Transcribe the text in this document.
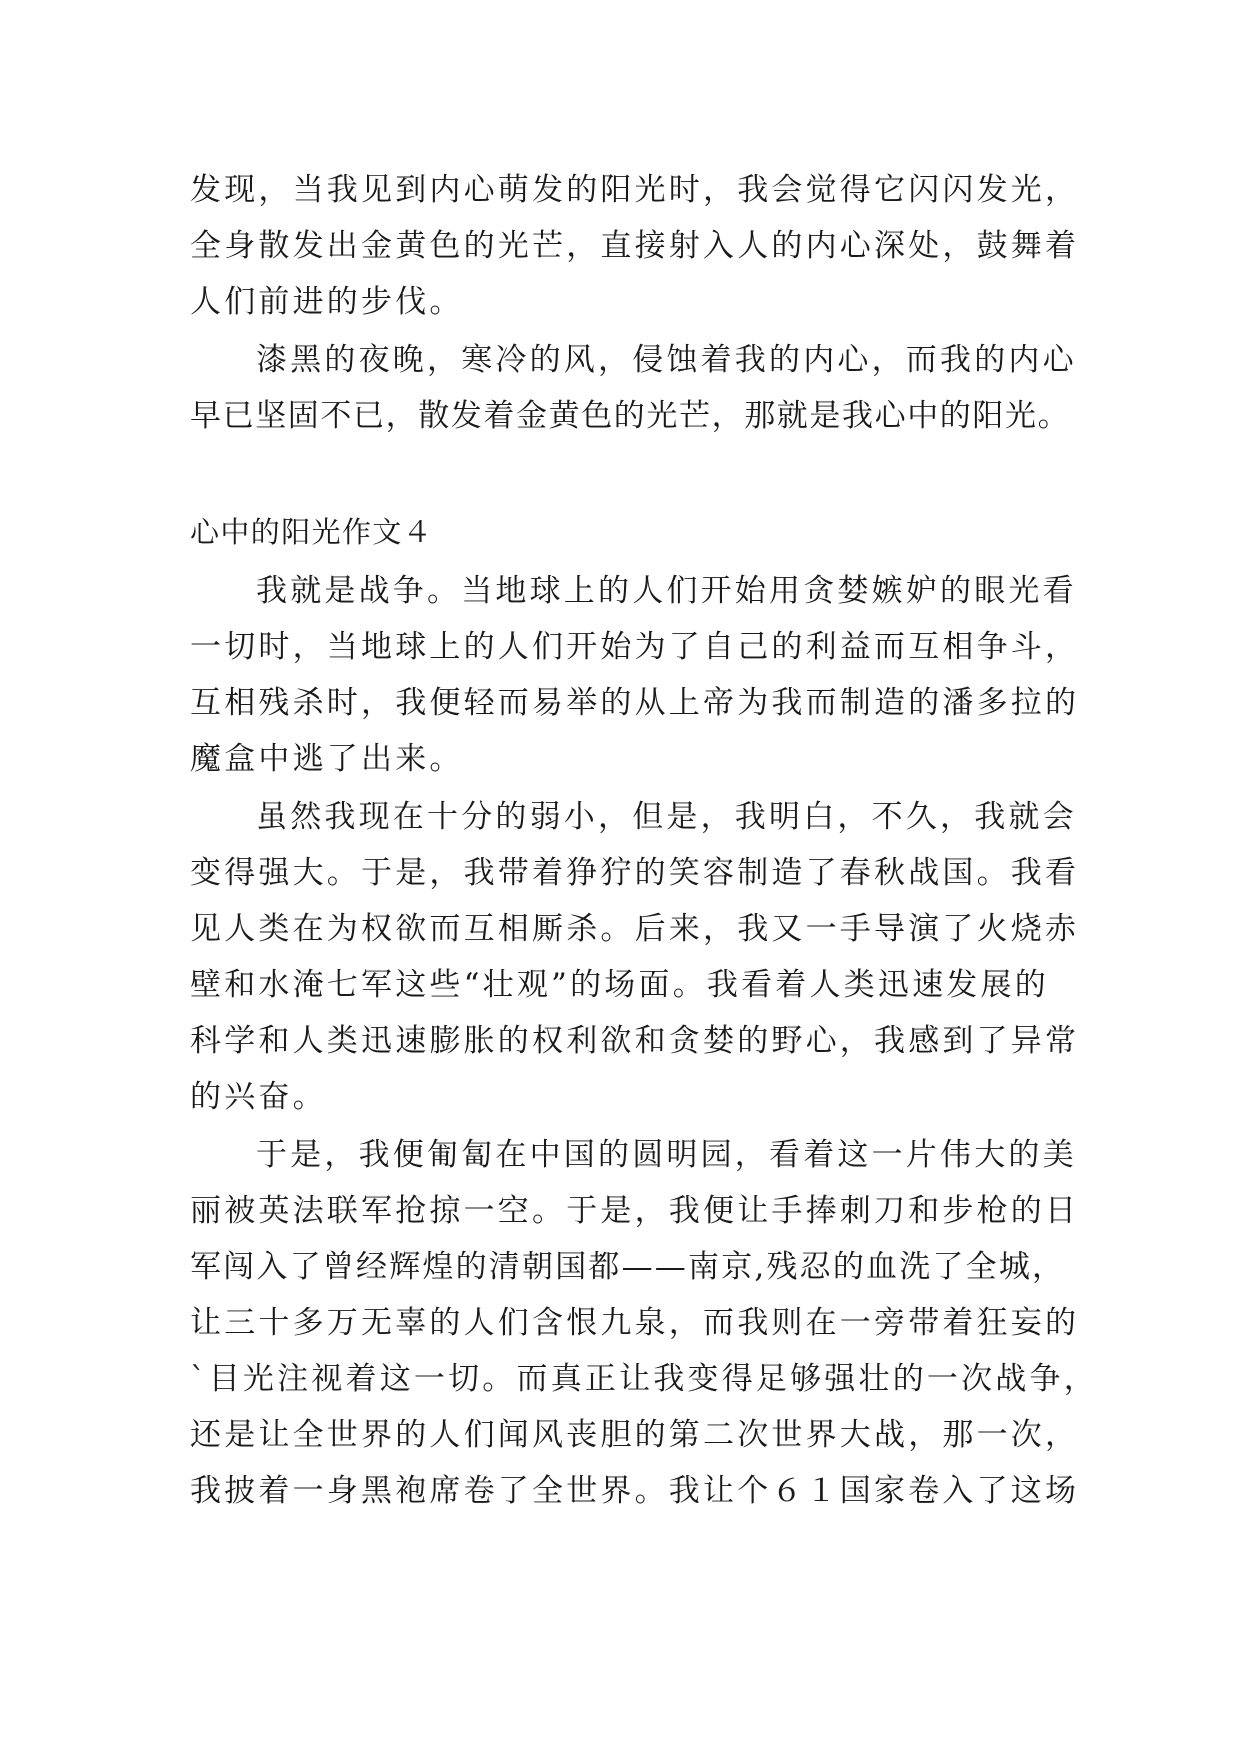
发现，当我见到内心萌发的阳光时，我会觉得它闪闪发光，
全身散发出金黄色的光芒，直接射入人的内心深处，鼓舞着
人们前进的步伐。
漆黑的夜晚，寒冷的风，侵蚀着我的内心，而我的内心
早已坚固不已，散发着金黄色的光芒，那就是我心中的阳光。
心中的阳光作文４
我就是战争。当地球上的人们开始用贪婪嫉妒的眼光看
一切时，当地球上的人们开始为了自己的利益而互相争斗，
互相残杀时，我便轻而易举的从上帝为我而制造的潘多拉的
魔盒中逃了出来。
虽然我现在十分的弱小，但是，我明白，不久，我就会
变得强大。于是，我带着狰狞的笑容制造了春秋战国。我看
见人类在为权欲而互相厮杀。后来，我又一手导演了火烧赤
壁和水淹七军这些“壮观”的场面。我看着人类迅速发展的
科学和人类迅速膨胀的权利欲和贪婪的野心，我感到了异常
的兴奋。
于是，我便匍匐在中国的圆明园，看着这一片伟大的美
丽被英法联军抢掠一空。于是，我便让手捧刺刀和步枪的日
军闯入了曾经辉煌的清朝国都——南京,残忍的血洗了全城，
让三十多万无辜的人们含恨九泉，而我则在一旁带着狂妄的
`目光注视着这一切。而真正让我变得足够强壮的一次战争，
还是让全世界的人们闻风丧胆的第二次世界大战，那一次，
我披着一身黑袍席卷了全世界。我让个６１国家卷入了这场
